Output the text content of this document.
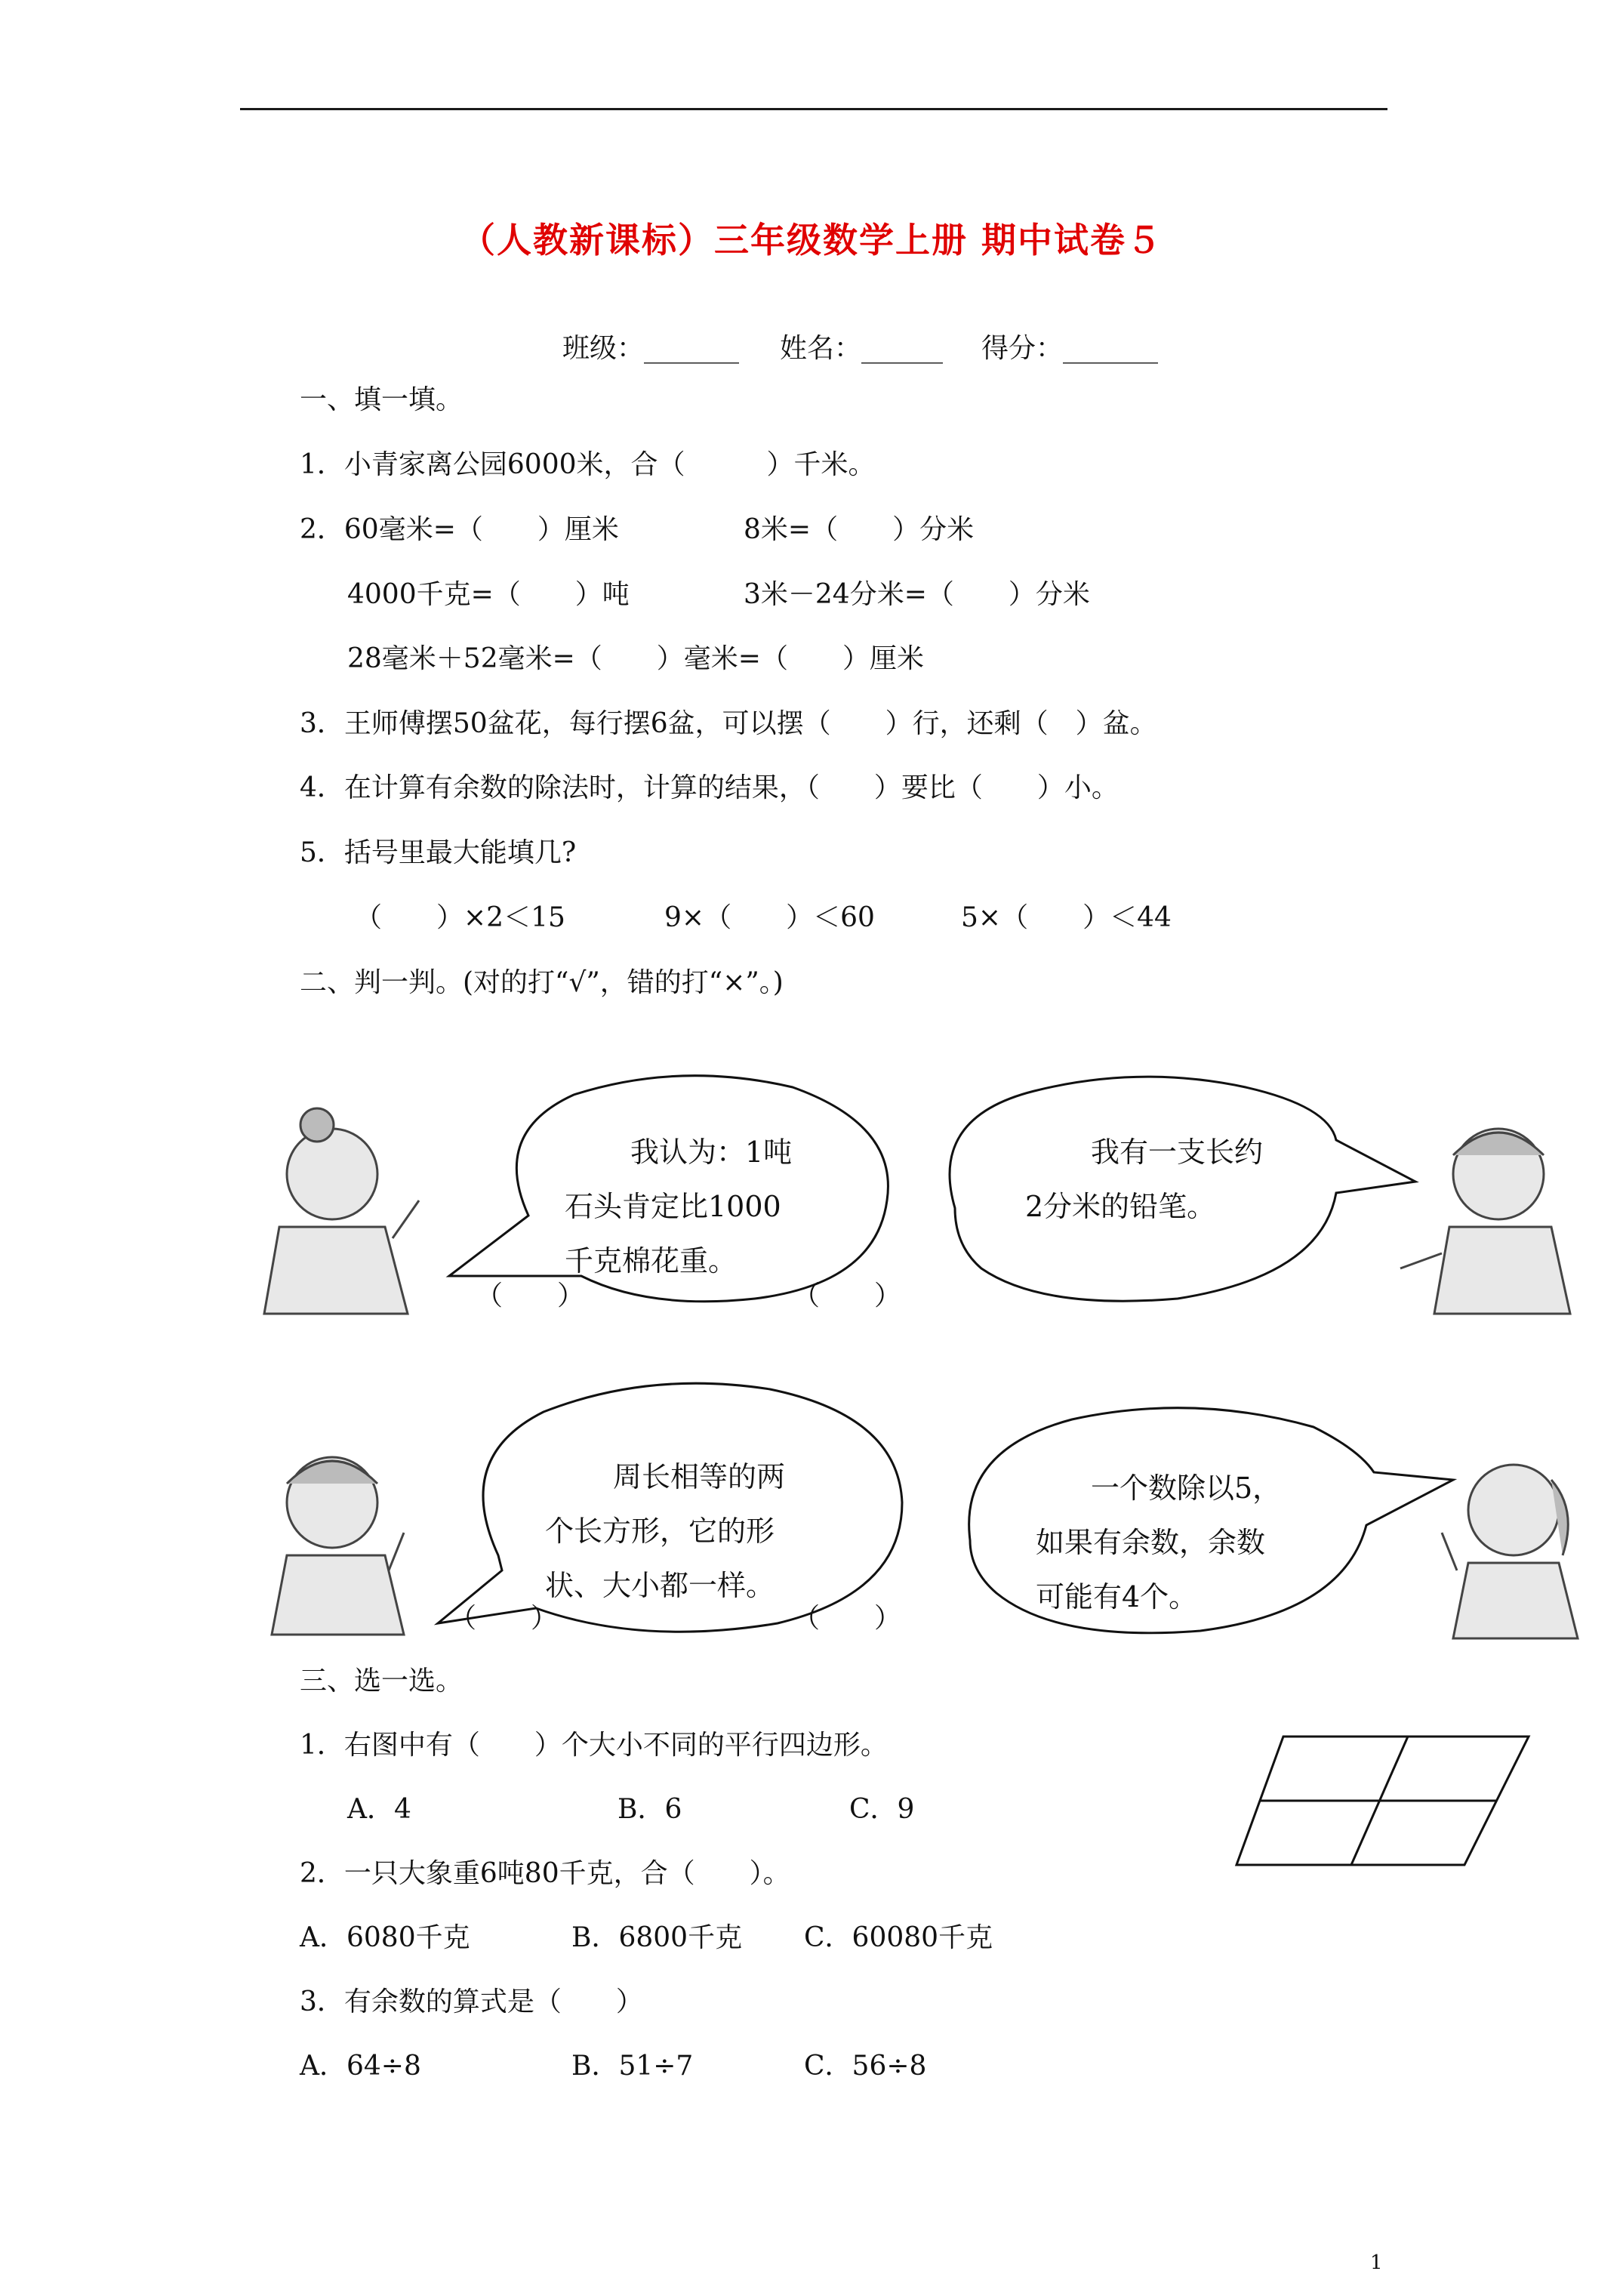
（人教新课标）三年级数学上册 期中试卷５
班级：_______ 姓名：______ 得分：_______
一、填一填。
1．小青家离公园6000米，合（　　　）千米。
2．60毫米=（　　）厘米	8米=（　　）分米
4000千克=（　　）吨	3米－24分米=（　　）分米
28毫米＋52毫米=（　　）毫米=（　　）厘米
3．王师傅摆50盆花，每行摆6盆，可以摆（　　）行，还剩（　）盆。
4．在计算有余数的除法时，计算的结果，（　　）要比（　　）小。
5．括号里最大能填几?
（　　）×2＜15	9×（　　）＜60	5×（　　）＜44
二、判一判。(对的打“√”，错的打“×”。)
我认为：1吨
石头肯定比1000
千克棉花重。
我有一支长约
2分米的铅笔。
周长相等的两
个长方形，它的形
状、大小都一样。
一个数除以5，
如果有余数，余数
可能有4个。
（　　）	（　　）
（　　）	（　　）
三、选一选。
1．右图中有（　　）个大小不同的平行四边形。
A．4	B．6	C．9
2．一只大象重6吨80千克，合（　　）。
A．6080千克	B．6800千克 C．60080千克
3．有余数的算式是（　　）
A．64÷8	B．51÷7	C．56÷8
1
